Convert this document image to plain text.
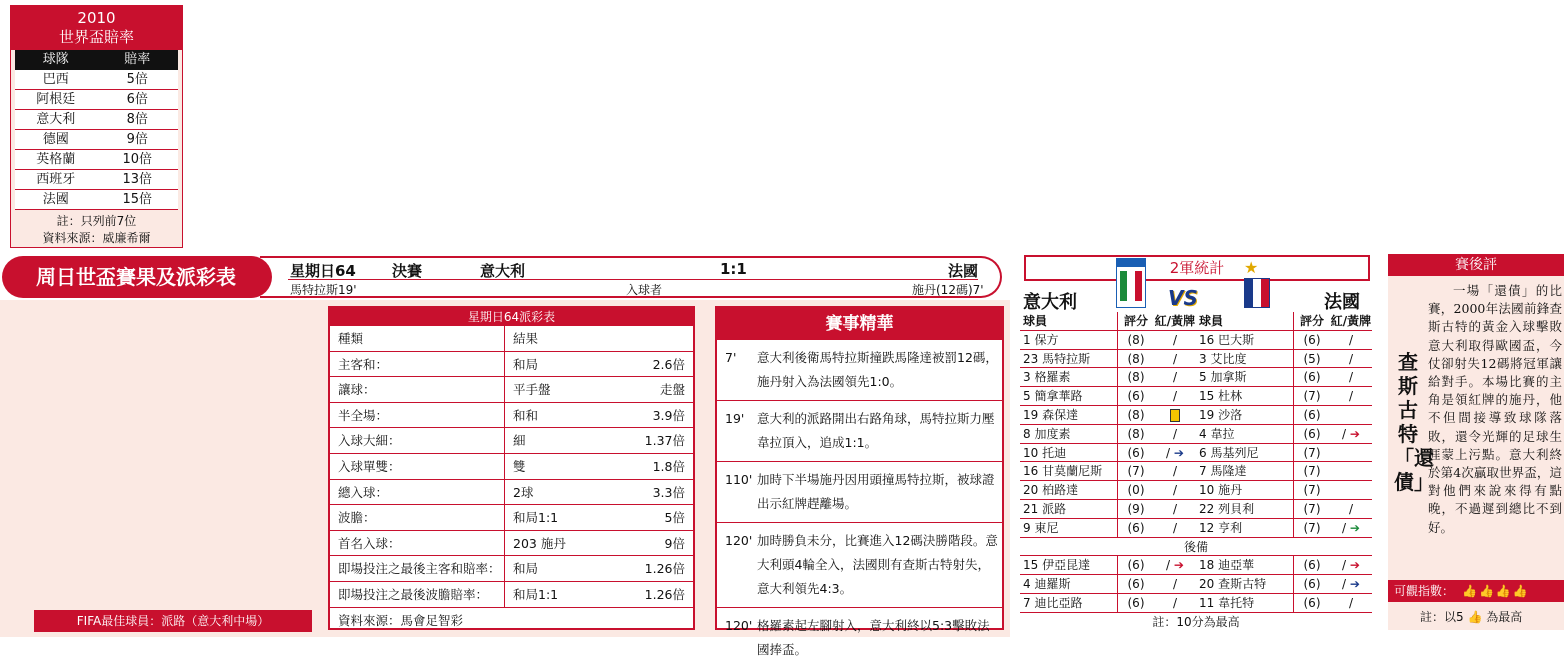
2010
世界盃賠率
球隊	賠率
巴西	5倍
阿根廷	6倍
意大利	8倍
德國	9倍
英格蘭	10倍
西班牙	13倍
法國	15倍
註：只列前7位
資料來源：威廉希爾
星期日64 決賽	意大利	1:1	法國
馬特拉斯19'	入球者	施丹(12碼)7'
周日世盃賽果及派彩表
FIFA最佳球員：派路（意大利中場）
星期日64派彩表
種類	結果
主客和：	和局	2.6倍
讓球：	平手盤	走盤
半全場：	和和	3.9倍
入球大細：	細	1.37倍
入球單雙：	雙	1.8倍
總入球：	2球	3.3倍
波膽：	和局1:1	5倍
首名入球：	203 施丹	9倍
即場投注之最後主客和賠率： 和局	1.26倍
即場投注之最後波膽賠率：	和局1:1	1.26倍
資料來源：馬會足智彩
賽事精華
7'	意大利後衛馬特拉斯撞跌馬隆達被罰12碼，施丹射入為法國領先1:0。
19'	意大利的派路開出右路角球，馬特拉斯力壓韋拉頂入，追成1:1。
110' 加時下半場施丹因用頭撞馬特拉斯，被球證出示紅牌趕離場。
120' 加時勝負未分，比賽進入12碼決勝階段。意大利頭4輪全入，法國則有查斯古特射失，意大利領先4:3。
120' 格羅素起左腳射入，意大利終以5:3擊敗法國捧盃。
2軍統計	★
VS
意大利	法國
球員	評分 紅/黃牌 球員	評分 紅/黃牌
1 保方	(8)	/	16 巴大斯	(6)	/
23 馬特拉斯	(8)	/	3 艾比度	(5)	/
3 格羅素	(8)	/	5 加拿斯	(6)	/
5 簡拿華路	(6)	/	15 杜林	(7)	/
19 森保達	(8)	19 沙洛	(6)
8 加度素	(8)	/	4 韋拉	(6)	/ ➔
10 托迪	(6)	/ ➔	6 馬基列尼	(7)
16 甘莫蘭尼斯	(7)	/	7 馬隆達	(7)
20 柏路達	(0)	/	10 施丹	(7)
21 派路	(9)	/	22 列貝利	(7)	/
9 東尼	(6)	/	12 亨利	(7)	/ ➔
後備
15 伊亞昆達	(6)	/ ➔	18 迪亞華	(6)	/ ➔
4 迪羅斯	(6)	/	20 查斯古特	(6)	/ ➔
7 迪比亞路	(6)	/	11 韋托特	(6)	/
註：10分為最高
賽後評
查斯古特「還債」
一場「還債」的比賽，2000年法國前鋒查斯古特的黃金入球擊敗意大利取得歐國盃，今仗卻射失12碼將冠軍讓給對手。本場比賽的主角是領紅牌的施丹，他不但間接導致球隊落敗，還令光輝的足球生涯蒙上污點。意大利終於第4次贏取世界盃，這對他們來說來得有點晚，不過遲到總比不到好。
可觀指數： 👍👍👍👍
註：以5 👍 為最高
